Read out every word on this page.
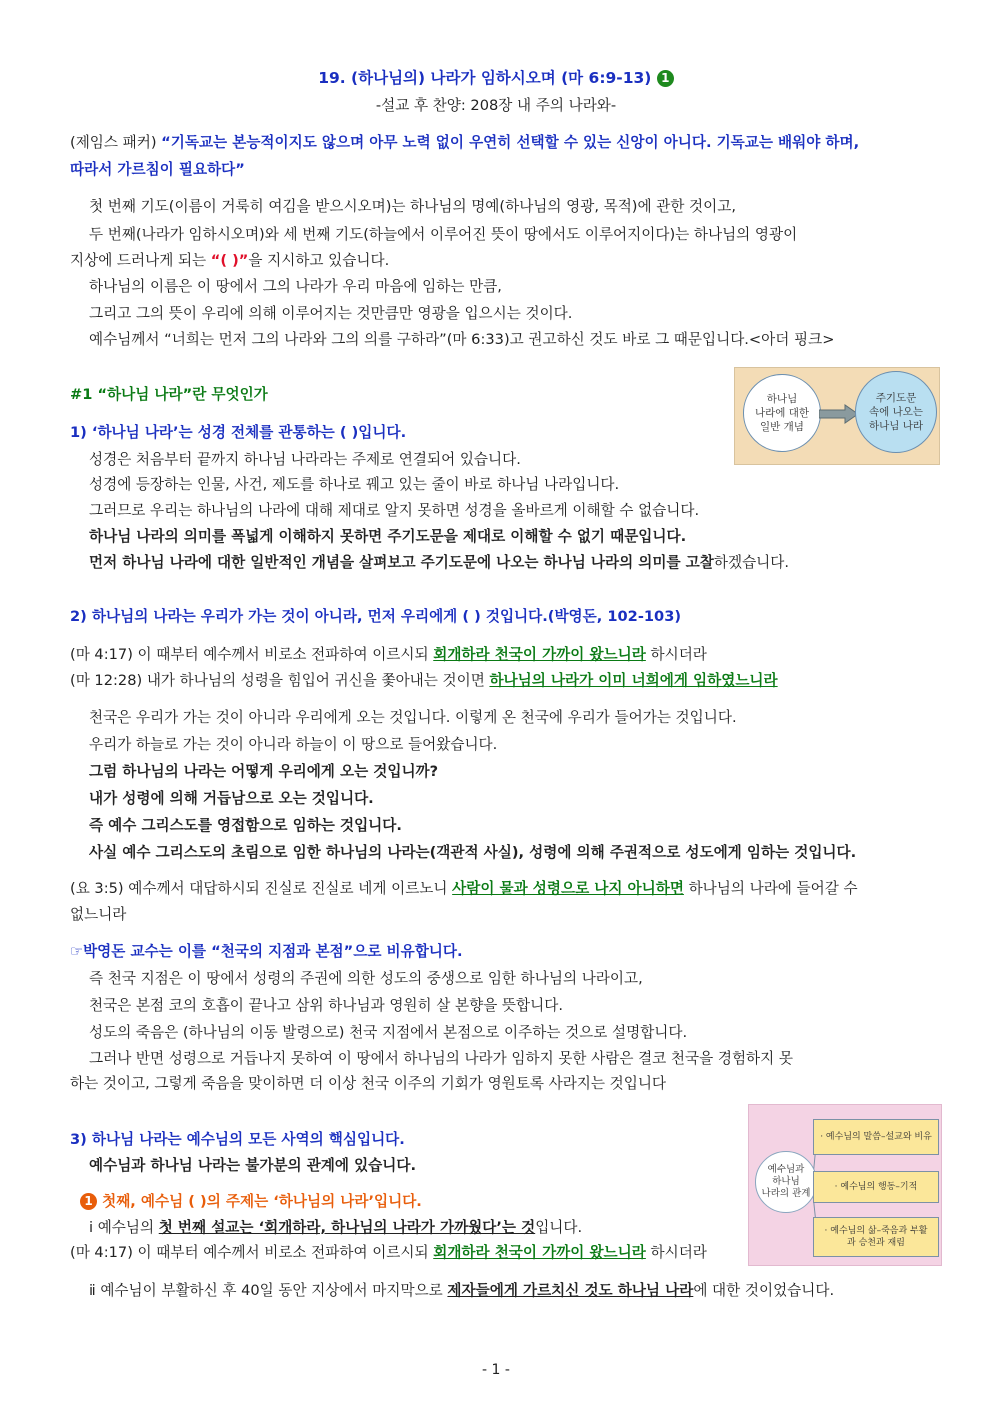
19. (하나님의) 나라가 임하시오며 (마 6:9-13) 1
-설교 후 찬양: 208장 내 주의 나라와-
(제임스 패커) “기독교는 본능적이지도 않으며 아무 노력 없이 우연히 선택할 수 있는 신앙이 아니다. 기독교는 배워야 하며,
따라서 가르침이 필요하다”
첫 번째 기도(이름이 거룩히 여김을 받으시오며)는 하나님의 명예(하나님의 영광, 목적)에 관한 것이고,
두 번째(나라가 임하시오며)와 세 번째 기도(하늘에서 이루어진 뜻이 땅에서도 이루어지이다)는 하나님의 영광이
지상에 드러나게 되는 “( )”을 지시하고 있습니다.
하나님의 이름은 이 땅에서 그의 나라가 우리 마음에 임하는 만큼,
그리고 그의 뜻이 우리에 의해 이루어지는 것만큼만 영광을 입으시는 것이다.
예수님께서 “너희는 먼저 그의 나라와 그의 의를 구하라”(마 6:33)고 권고하신 것도 바로 그 때문입니다.<아더 핑크>
#1 “하나님 나라”란 무엇인가	하나님
나라에 대한
일반 개념
주기도문
속에 나오는
하나님 나라
1) ‘하나님 나라’는 성경 전체를 관통하는 ( )입니다.
성경은 처음부터 끝까지 하나님 나라라는 주제로 연결되어 있습니다.
성경에 등장하는 인물, 사건, 제도를 하나로 꿰고 있는 줄이 바로 하나님 나라입니다.
그러므로 우리는 하나님의 나라에 대해 제대로 알지 못하면 성경을 올바르게 이해할 수 없습니다.
하나님 나라의 의미를 폭넓게 이해하지 못하면 주기도문을 제대로 이해할 수 없기 때문입니다.
먼저 하나님 나라에 대한 일반적인 개념을 살펴보고 주기도문에 나오는 하나님 나라의 의미를 고찰하겠습니다.
2) 하나님의 나라는 우리가 가는 것이 아니라, 먼저 우리에게 ( ) 것입니다.(박영돈, 102-103)
(마 4:17) 이 때부터 예수께서 비로소 전파하여 이르시되 회개하라 천국이 가까이 왔느니라 하시더라
(마 12:28) 내가 하나님의 성령을 힘입어 귀신을 쫓아내는 것이면 하나님의 나라가 이미 너희에게 임하였느니라
천국은 우리가 가는 것이 아니라 우리에게 오는 것입니다. 이렇게 온 천국에 우리가 들어가는 것입니다.
우리가 하늘로 가는 것이 아니라 하늘이 이 땅으로 들어왔습니다.
그럼 하나님의 나라는 어떻게 우리에게 오는 것입니까?
내가 성령에 의해 거듭남으로 오는 것입니다.
즉 예수 그리스도를 영접함으로 임하는 것입니다.
사실 예수 그리스도의 초림으로 임한 하나님의 나라는(객관적 사실), 성령에 의해 주권적으로 성도에게 임하는 것입니다.
(요 3:5) 예수께서 대답하시되 진실로 진실로 네게 이르노니 사람이 물과 성령으로 나지 아니하면 하나님의 나라에 들어갈 수
없느니라
☞박영돈 교수는 이를 “천국의 지점과 본점”으로 비유합니다.
즉 천국 지점은 이 땅에서 성령의 주권에 의한 성도의 중생으로 임한 하나님의 나라이고,
천국은 본점 코의 호흡이 끝나고 삼위 하나님과 영원히 살 본향을 뜻합니다.
성도의 죽음은 (하나님의 이동 발령으로) 천국 지점에서 본점으로 이주하는 것으로 설명합니다.
그러나 반면 성령으로 거듭나지 못하여 이 땅에서 하나님의 나라가 임하지 못한 사람은 결코 천국을 경험하지 못
하는 것이고, 그렇게 죽음을 맞이하면 더 이상 천국 이주의 기회가 영원토록 사라지는 것입니다
3) 하나님 나라는 예수님의 모든 사역의 핵심입니다.
예수님과 하나님 나라는 불가분의 관계에 있습니다.
1 첫째, 예수님 ( )의 주제는 ‘하나님의 나라’입니다.
ⅰ 예수님의 첫 번째 설교는 ‘회개하라, 하나님의 나라가 가까웠다’는 것입니다.
(마 4:17) 이 때부터 예수께서 비로소 전파하여 이르시되 회개하라 천국이 가까이 왔느니라 하시더라
ⅱ 예수님이 부활하신 후 40일 동안 지상에서 마지막으로 제자들에게 가르치신 것도 하나님 나라에 대한 것이었습니다.
예수님과
하나님
나라의 관계
· 예수님의 말씀–설교와 비유
· 예수님의 행동–기적
· 예수님의 삶–죽음과 부활
과 승천과 재림
- 1 -
